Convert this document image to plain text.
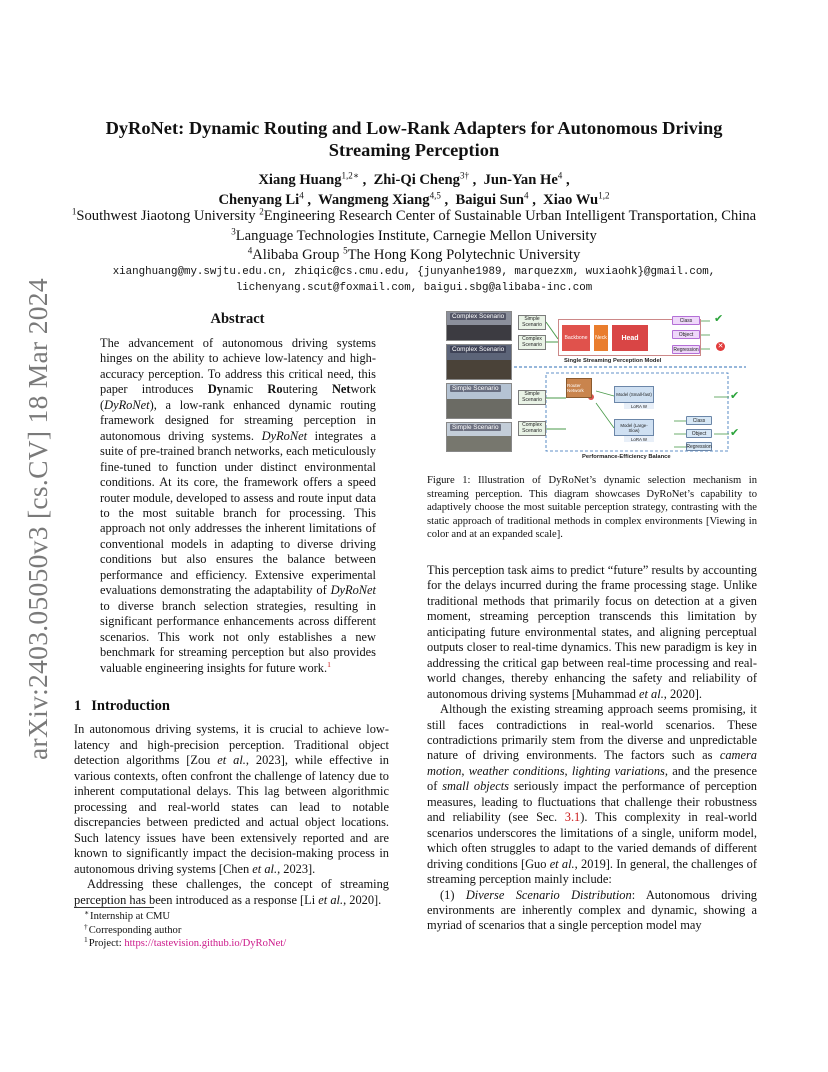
arXiv:2403.05050v3 [cs.CV] 18 Mar 2024
DyRoNet: Dynamic Routing and Low-Rank Adapters for Autonomous Driving
Streaming Perception
Xiang Huang$^{1,2∗}$ ,  Zhi-Qi Cheng$^{3\dagger}$ ,  Jun-Yan He$^4$ ,
Chenyang Li$^4$ ,  Wangmeng Xiang$^{4,5}$ ,  Baigui Sun$^4$ ,  Xiao Wu$^{1,2}$
$^1$Southwest Jiaotong University $^2$Engineering Research Center of Sustainable Urban Intelligent Transportation, China $^3$Language Technologies Institute, Carnegie Mellon University
$^4$Alibaba Group $^5$The Hong Kong Polytechnic University
xianghuang@my.swjtu.edu.cn, zhiqic@cs.cmu.edu, {junyanhe1989, marquezxm, wuxiaohk}@gmail.com,
lichenyang.scut@foxmail.com, baigui.sbg@alibaba-inc.com
Abstract
The advancement of autonomous driving systems hinges on the ability to achieve low-latency and high-accuracy perception. To address this critical need, this paper introduces Dynamic Routering Network (DyRoNet), a low-rank enhanced dynamic routing framework designed for streaming perception in autonomous driving systems. DyRoNet integrates a suite of pre-trained branch networks, each meticulously fine-tuned to function under distinct environmental conditions. At its core, the framework offers a speed router module, developed to assess and route input data to the most suitable branch for processing. This approach not only addresses the inherent limitations of conventional models in adapting to diverse driving conditions but also ensures the balance between performance and efficiency. Extensive experimental evaluations demonstrating the adaptability of DyRoNet to diverse branch selection strategies, resulting in significant performance enhancements across different scenarios. This work not only establishes a new benchmark for streaming perception but also provides valuable engineering insights for future work.$^1$
1 Introduction

In autonomous driving systems, it is crucial to achieve low-latency and high-precision perception. Traditional object detection algorithms [Zou et al., 2023], while effective in various contexts, often confront the challenge of latency due to inherent computational delays. This lag between algorithmic processing and real-world states can lead to notable discrepancies between predicted and actual object locations. Such latency issues have been extensively reported and are known to significantly impact the decision-making process in autonomous driving systems [Chen et al., 2023].

Addressing these challenges, the concept of streaming perception has been introduced as a response [Li et al., 2020].

∗Internship at CMU
†Corresponding author
$^1$Project: https://tastevision.github.io/DyRoNet/
Complex Scenario
Complex Scenario
Simple Scenario
Simple Scenario
Simple Scenario
Complex Scenario
Backbone	Neck	Head
Class
Object
Regression
Single Streaming Perception Model
✔
✕
Simple Scenario
Complex Scenario
Router Network
Model (Small-fast)
LoRA W
Model (Large-Slow)
LoRA W
Class
Object
Regression
✔
✔
Performance-Efficiency Balance
Figure 1: Illustration of DyRoNet’s dynamic selection mechanism in streaming perception. This diagram showcases DyRoNet’s capability to adaptively choose the most suitable perception strategy, contrasting with the static approach of traditional methods in complex environments [Viewing in color and at an expanded scale].

This perception task aims to predict “future” results by accounting for the delays incurred during the frame processing stage. Unlike traditional methods that primarily focus on detection at a given moment, streaming perception transcends this limitation by anticipating future environmental states, and aligning perceptual outputs closer to real-time dynamics. This new paradigm is key in addressing the critical gap between real-time processing and real-world changes, thereby enhancing the safety and reliability of autonomous driving systems [Muhammad et al., 2020].

Although the existing streaming approach seems promising, it still faces contradictions in real-world scenarios. These contradictions primarily stem from the diverse and unpredictable nature of driving environments. The factors such as camera motion, weather conditions, lighting variations, and the presence of small objects seriously impact the performance of perception measures, leading to fluctuations that challenge their robustness and reliability (see Sec. 3.1). This complexity in real-world scenarios underscores the limitations of a single, uniform model, which often struggles to adapt to the varied demands of different driving conditions [Guo et al., 2019]. In general, the challenges of streaming perception mainly include:

(1) Diverse Scenario Distribution: Autonomous driving environments are inherently complex and dynamic, showing a myriad of scenarios that a single perception model may
